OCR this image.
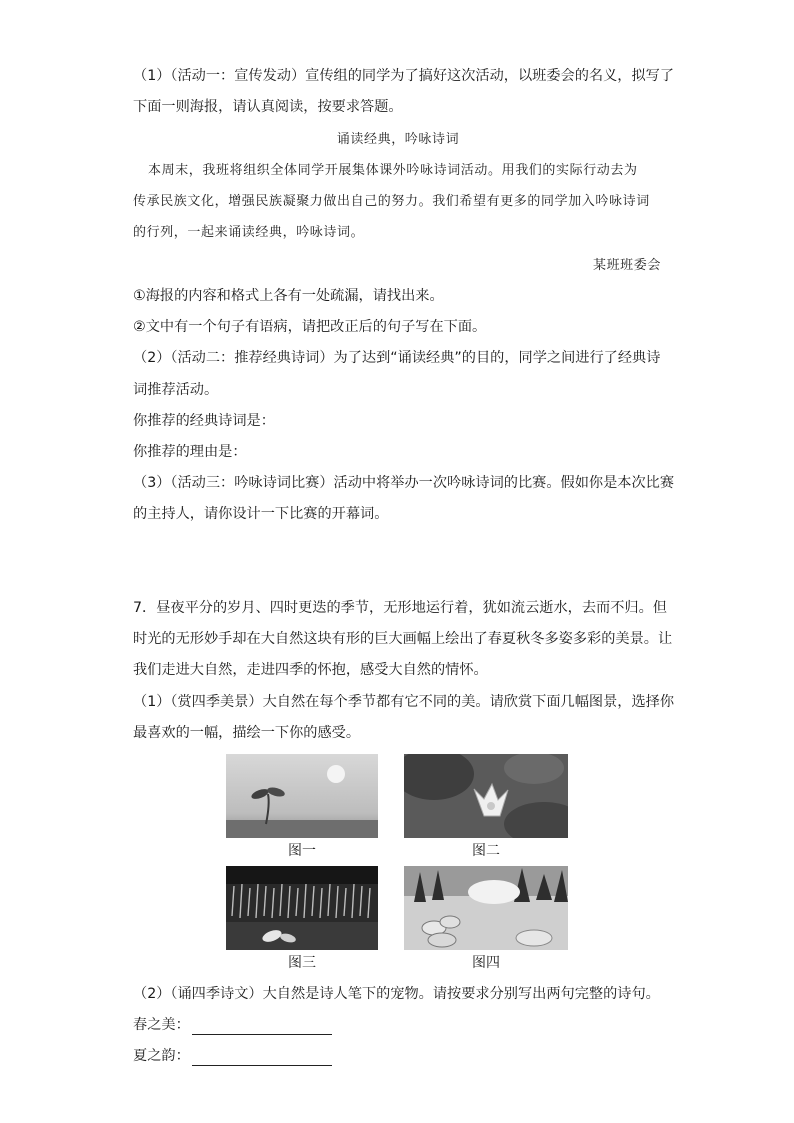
（1）（活动一：宣传发动）宣传组的同学为了搞好这次活动，以班委会的名义，拟写了
下面一则海报，请认真阅读，按要求答题。
诵读经典，吟咏诗词
本周末，我班将组织全体同学开展集体课外吟咏诗词活动。用我们的实际行动去为
传承民族文化，增强民族凝聚力做出自己的努力。我们希望有更多的同学加入吟咏诗词
的行列，一起来诵读经典，吟咏诗词。
某班班委会
①海报的内容和格式上各有一处疏漏，请找出来。
②文中有一个句子有语病，请把改正后的句子写在下面。
（2）（活动二：推荐经典诗词）为了达到“诵读经典”的目的，同学之间进行了经典诗
词推荐活动。
你推荐的经典诗词是：
你推荐的理由是：
（3）（活动三：吟咏诗词比赛）活动中将举办一次吟咏诗词的比赛。假如你是本次比赛
的主持人，请你设计一下比赛的开幕词。
7．昼夜平分的岁月、四时更迭的季节，无形地运行着，犹如流云逝水，去而不归。但
时光的无形妙手却在大自然这块有形的巨大画幅上绘出了春夏秋冬多姿多彩的美景。让
我们走进大自然，走进四季的怀抱，感受大自然的情怀。
（1）（赏四季美景）大自然在每个季节都有它不同的美。请欣赏下面几幅图景，选择你
最喜欢的一幅，描绘一下你的感受。
图一	图二
图三	图四
（2）（诵四季诗文）大自然是诗人笔下的宠物。请按要求分别写出两句完整的诗句。
春之美：
夏之韵：
